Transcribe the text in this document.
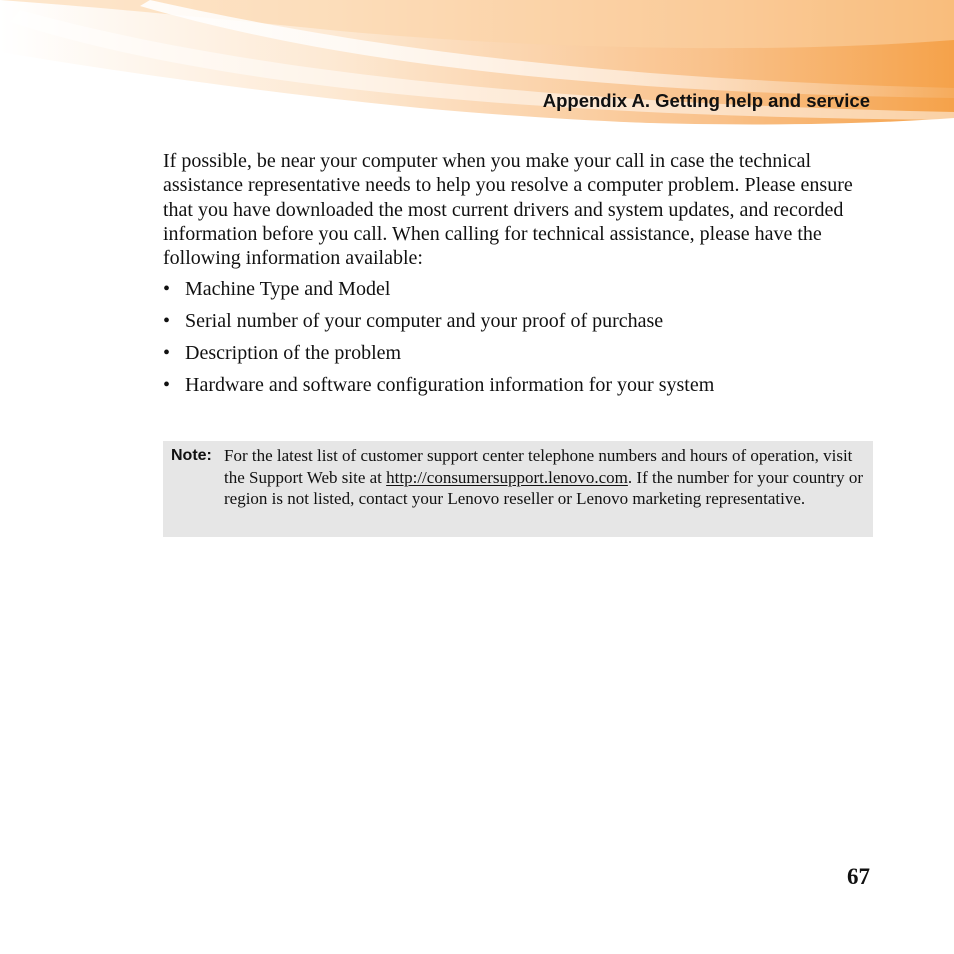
Appendix A. Getting help and service

If possible, be near your computer when you make your call in case the technical assistance representative needs to help you resolve a computer problem. Please ensure that you have downloaded the most current drivers and system updates, and recorded information before you call. When calling for technical assistance, please have the following information available:

• Machine Type and Model
• Serial number of your computer and your proof of purchase
• Description of the problem
• Hardware and software configuration information for your system
Note: For the latest list of customer support center telephone numbers and hours of operation, visit the Support Web site at http://consumersupport.lenovo.com. If the number for your country or region is not listed, contact your Lenovo reseller or Lenovo marketing representative.

67
